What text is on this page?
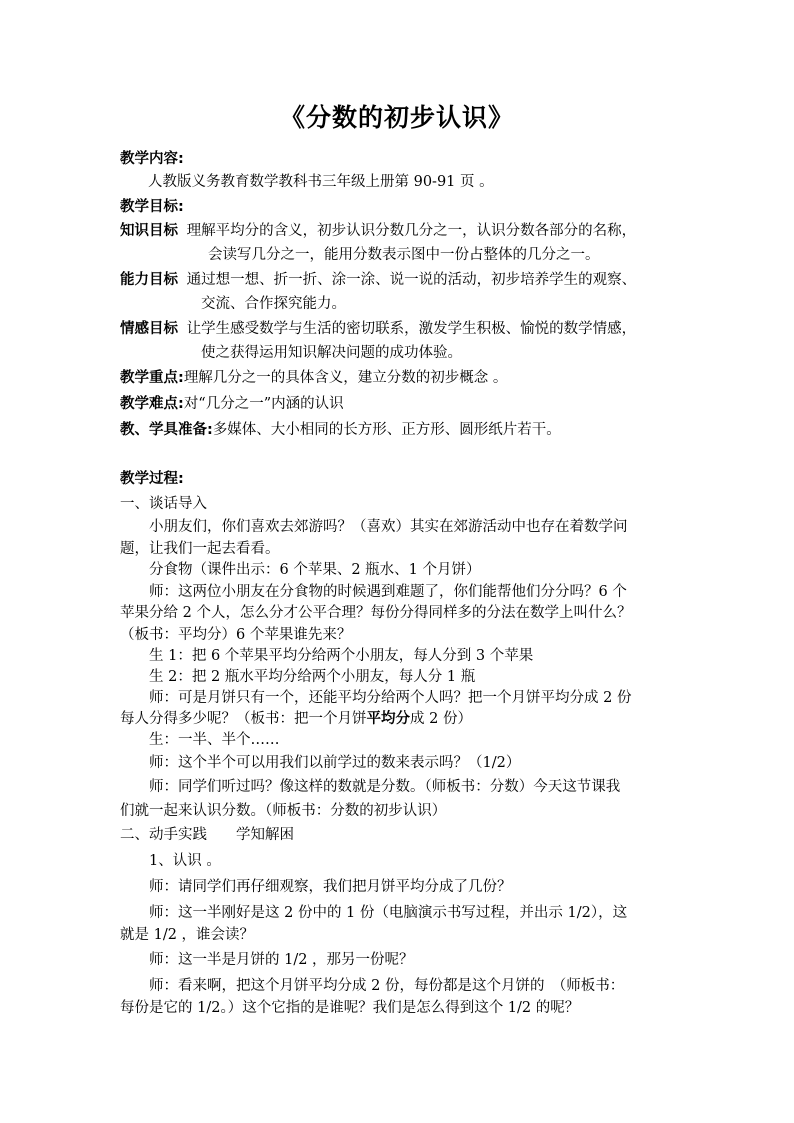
《分数的初步认识》
教学内容:
人教版义务教育数学教科书三年级上册第 90-91 页 。
教学目标:
知识目标 理解平均分的含义，初步认识分数几分之一，认识分数各部分的名称，
会读写几分之一，能用分数表示图中一份占整体的几分之一。
能力目标 通过想一想、折一折、涂一涂、说一说的活动，初步培养学生的观察、
交流、合作探究能力。
情感目标 让学生感受数学与生活的密切联系，激发学生积极、愉悦的数学情感，
使之获得运用知识解决问题的成功体验。
教学重点:理解几分之一的具体含义，建立分数的初步概念 。
教学难点:对“几分之一”内涵的认识
教、学具准备:多媒体、大小相同的长方形、正方形、圆形纸片若干。
教学过程:
一、谈话导入
小朋友们，你们喜欢去郊游吗？（喜欢）其实在郊游活动中也存在着数学问
题，让我们一起去看看。
分食物（课件出示：6 个苹果、2 瓶水、1 个月饼）
师：这两位小朋友在分食物的时候遇到难题了，你们能帮他们分分吗？6 个
苹果分给 2 个人，怎么分才公平合理？每份分得同样多的分法在数学上叫什么？
（板书：平均分）6 个苹果谁先来？
生 1：把 6 个苹果平均分给两个小朋友，每人分到 3 个苹果
生 2：把 2 瓶水平均分给两个小朋友，每人分 1 瓶
师：可是月饼只有一个，还能平均分给两个人吗？把一个月饼平均分成 2 份
每人分得多少呢？（板书：把一个月饼平均分成 2 份）
生：一半、半个……
师：这个半个可以用我们以前学过的数来表示吗？（1/2）
师：同学们听过吗？像这样的数就是分数。（师板书：分数）今天这节课我
们就一起来认识分数。（师板书：分数的初步认识）
二、动手实践　　学知解困
1、认识 。
师：请同学们再仔细观察，我们把月饼平均分成了几份？
师：这一半刚好是这 2 份中的 1 份（电脑演示书写过程，并出示 1/2），这
就是 1/2 ，谁会读？
师：这一半是月饼的 1/2 ，那另一份呢？
师：看来啊，把这个月饼平均分成 2 份，每份都是这个月饼的　（师板书：
每份是它的 1/2。）这个它指的是谁呢？我们是怎么得到这个 1/2 的呢？
